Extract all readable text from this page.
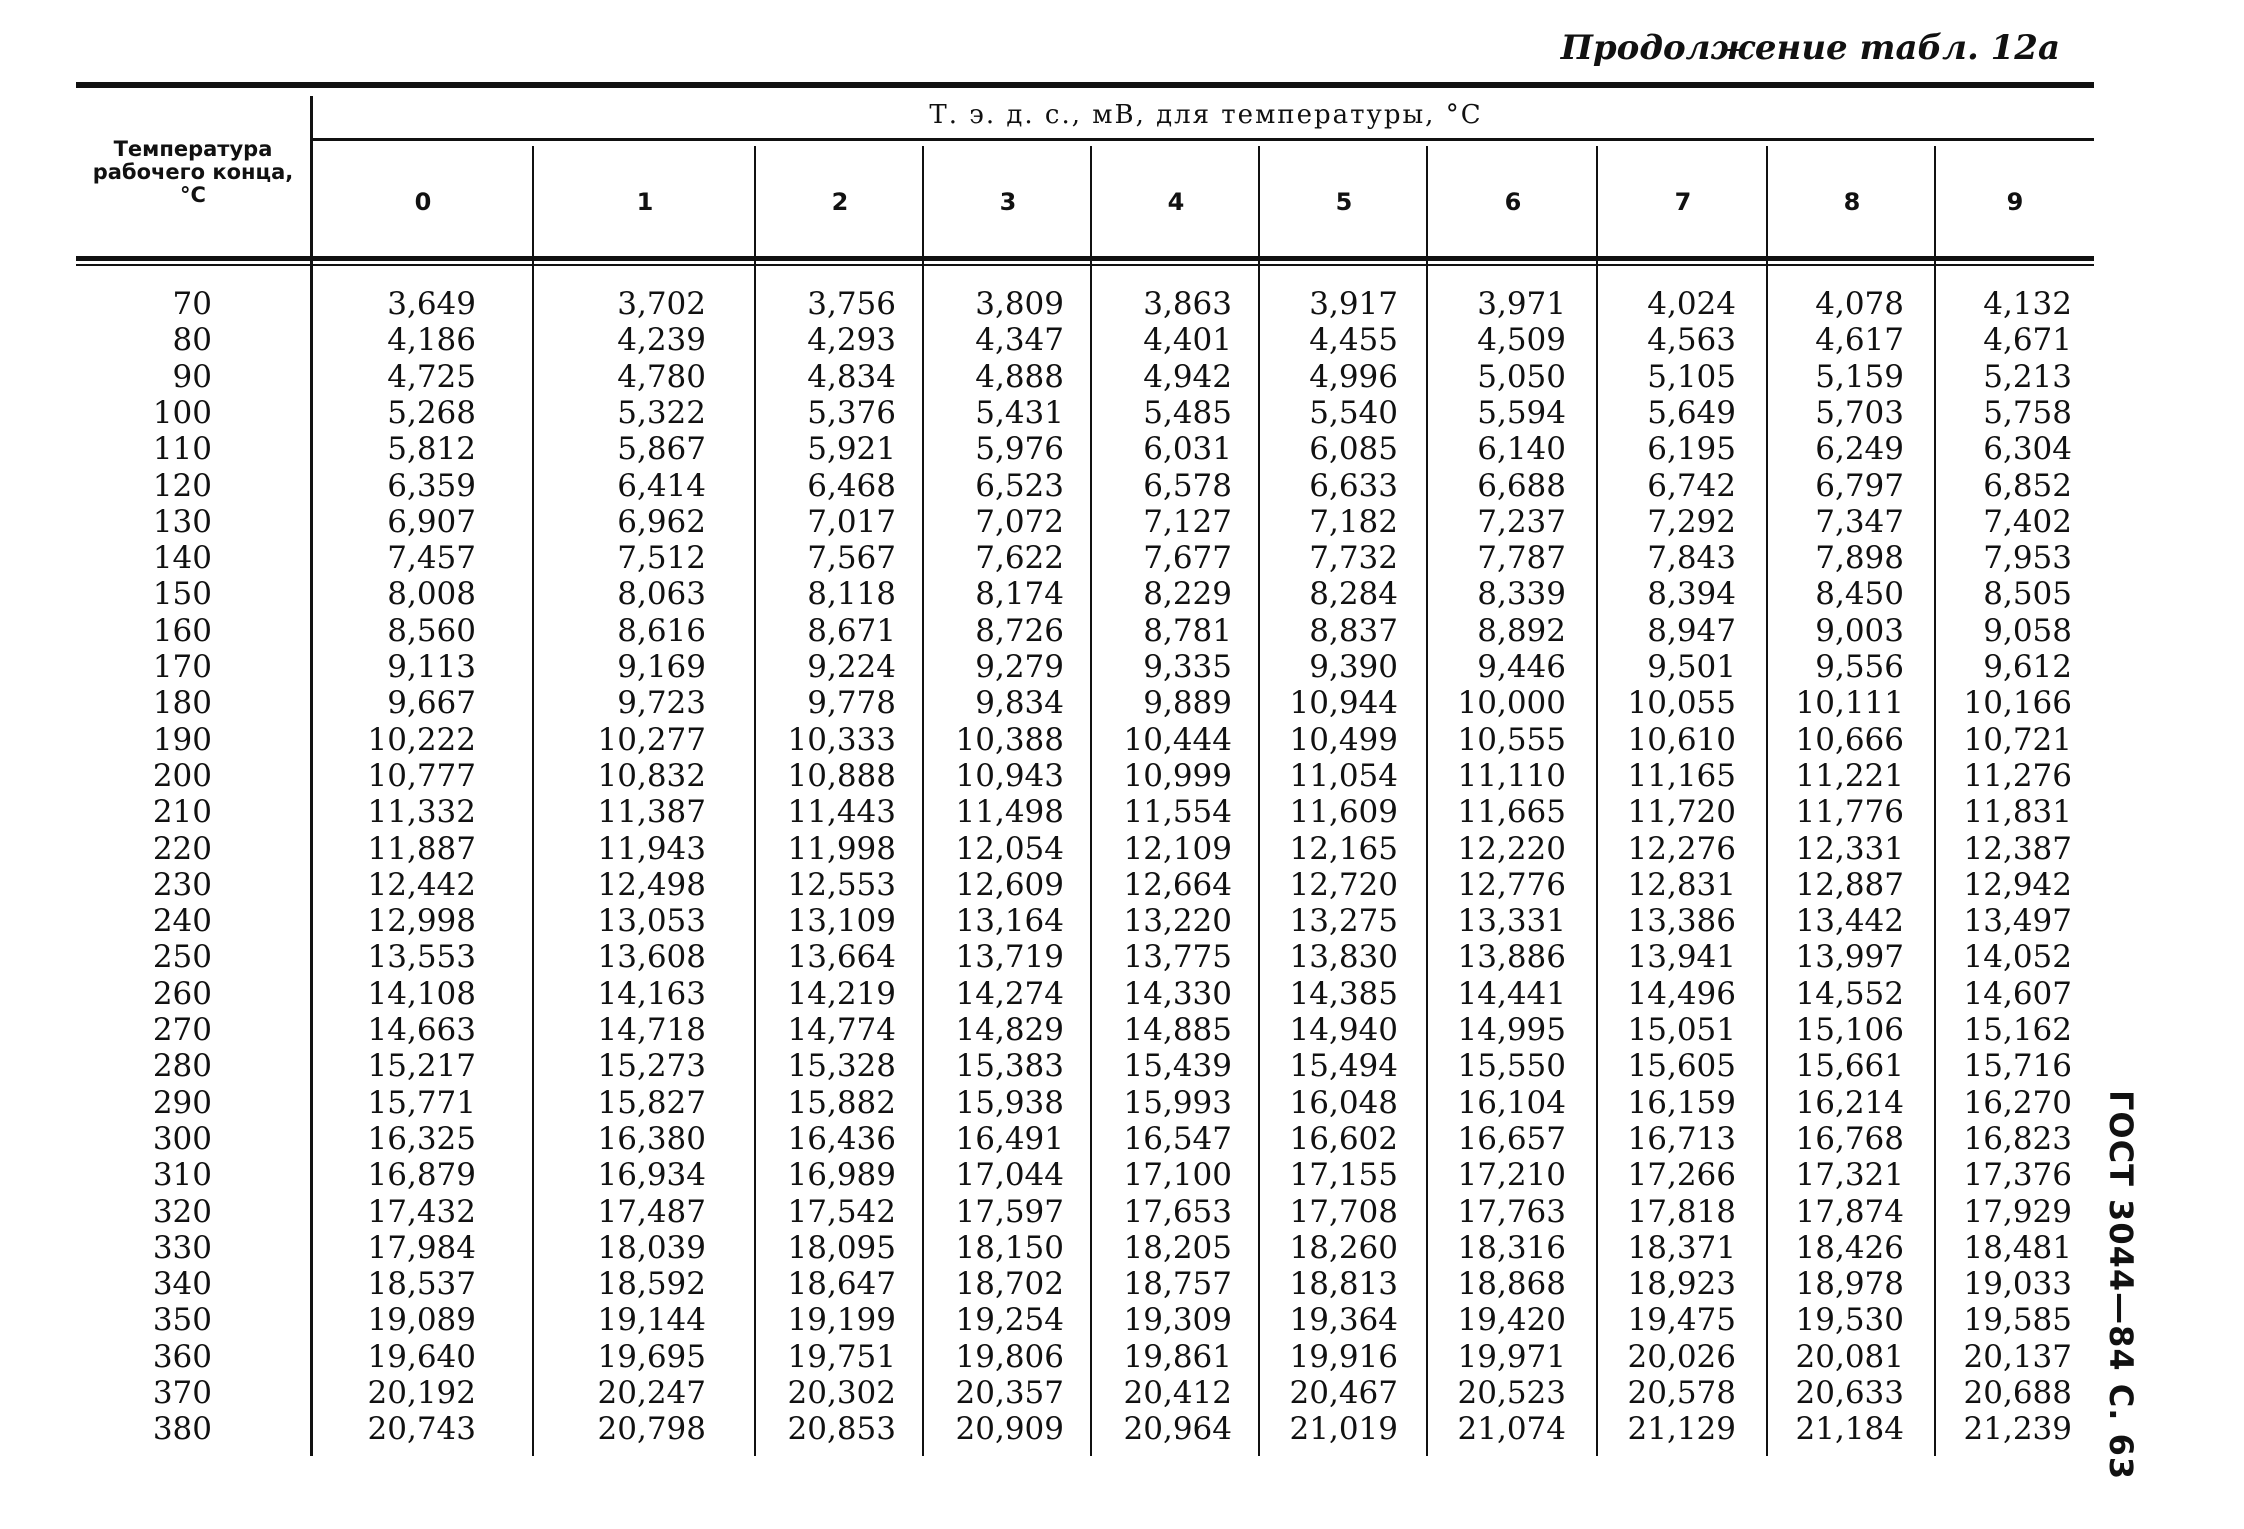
Продолжение табл. 12а
Температура рабочего конца, °C
Т. э. д. с., мВ, для температуры, °C
0	1	2	3	4	5	6	7	8	9
70	3,649	3,702	3,756	3,809	3,863	3,917	3,971	4,024	4,078	4,132
80	4,186	4,239	4,293	4,347	4,401	4,455	4,509	4,563	4,617	4,671
90	4,725	4,780	4,834	4,888	4,942	4,996	5,050	5,105	5,159	5,213
100	5,268	5,322	5,376	5,431	5,485	5,540	5,594	5,649	5,703	5,758
110	5,812	5,867	5,921	5,976	6,031	6,085	6,140	6,195	6,249	6,304
120	6,359	6,414	6,468	6,523	6,578	6,633	6,688	6,742	6,797	6,852
130	6,907	6,962	7,017	7,072	7,127	7,182	7,237	7,292	7,347	7,402
140	7,457	7,512	7,567	7,622	7,677	7,732	7,787	7,843	7,898	7,953
150	8,008	8,063	8,118	8,174	8,229	8,284	8,339	8,394	8,450	8,505
160	8,560	8,616	8,671	8,726	8,781	8,837	8,892	8,947	9,003	9,058
170	9,113	9,169	9,224	9,279	9,335	9,390	9,446	9,501	9,556	9,612
180	9,667	9,723	9,778	9,834	9,889	10,944	10,000	10,055	10,111	10,166
190	10,222	10,277	10,333	10,388	10,444	10,499	10,555	10,610	10,666	10,721
200	10,777	10,832	10,888	10,943	10,999	11,054	11,110	11,165	11,221	11,276
210	11,332	11,387	11,443	11,498	11,554	11,609	11,665	11,720	11,776	11,831
220	11,887	11,943	11,998	12,054	12,109	12,165	12,220	12,276	12,331	12,387
230	12,442	12,498	12,553	12,609	12,664	12,720	12,776	12,831	12,887	12,942
240	12,998	13,053	13,109	13,164	13,220	13,275	13,331	13,386	13,442	13,497
250	13,553	13,608	13,664	13,719	13,775	13,830	13,886	13,941	13,997	14,052
260	14,108	14,163	14,219	14,274	14,330	14,385	14,441	14,496	14,552	14,607
270	14,663	14,718	14,774	14,829	14,885	14,940	14,995	15,051	15,106	15,162
280	15,217	15,273	15,328	15,383	15,439	15,494	15,550	15,605	15,661	15,716
290	15,771	15,827	15,882	15,938	15,993	16,048	16,104	16,159	16,214	16,270
300	16,325	16,380	16,436	16,491	16,547	16,602	16,657	16,713	16,768	16,823
310	16,879	16,934	16,989	17,044	17,100	17,155	17,210	17,266	17,321	17,376
320	17,432	17,487	17,542	17,597	17,653	17,708	17,763	17,818	17,874	17,929
330	17,984	18,039	18,095	18,150	18,205	18,260	18,316	18,371	18,426	18,481
340	18,537	18,592	18,647	18,702	18,757	18,813	18,868	18,923	18,978	19,033
350	19,089	19,144	19,199	19,254	19,309	19,364	19,420	19,475	19,530	19,585
360	19,640	19,695	19,751	19,806	19,861	19,916	19,971	20,026	20,081	20,137
370	20,192	20,247	20,302	20,357	20,412	20,467	20,523	20,578	20,633	20,688
380	20,743	20,798	20,853	20,909	20,964	21,019	21,074	21,129	21,184	21,239 ГОСТ 3044—84 С. 63
